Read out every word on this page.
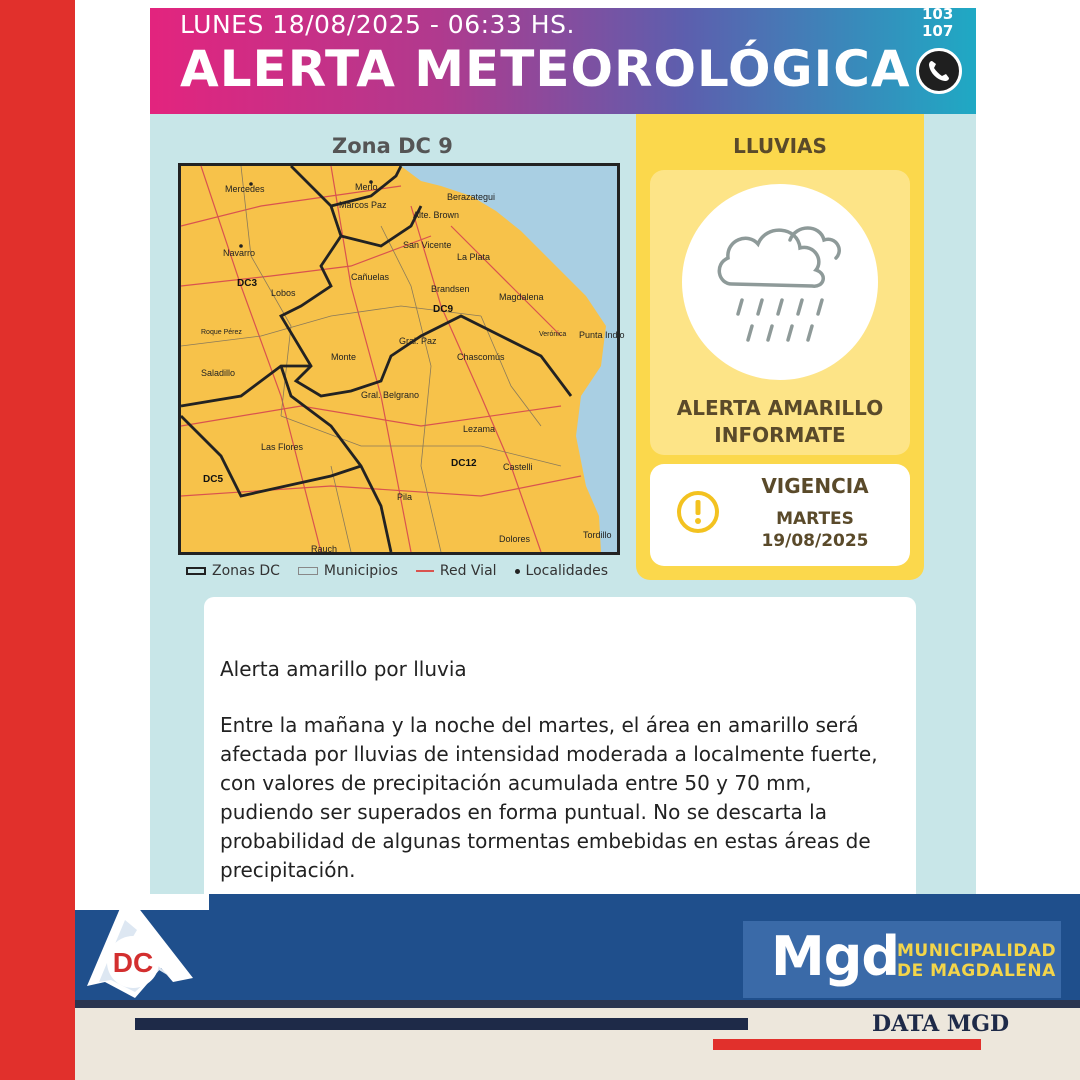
LUNES 18/08/2025 - 06:33 HS.
ALERTA METEOROLÓGICA
103
107
Zona DC 9
Mercedes	Merlo
Marcos Paz
Alte. Brown
Berazategui
Navarro
San Vicente
La Plata
Cañuelas
Brandsen
Lobos	Magdalena
Roque Pérez
Gral. Paz
Punta Indio
Verónica
Monte
Saladillo
Chascomús
Gral. Belgrano
Lezama
Las Flores
Castelli
Pila
Dolores	Tordillo
Rauch
DC3
DC9
DC5
DC12
Zonas DC	Municipios	Red Vial Localidades
LLUVIAS
ALERTA AMARILLO
INFORMATE
VIGENCIA
MARTES
19/08/2025
Alerta amarillo por lluvia
Entre la mañana y la noche del martes, el área en amarillo será afectada por lluvias de intensidad moderada a localmente fuerte, con valores de precipitación acumulada entre 50 y 70 mm, pudiendo ser superados en forma puntual. No se descarta la probabilidad de algunas tormentas embebidas en estas áreas de precipitación.
DC	Mgd
MUNICIPALIDAD
DE MAGDALENA
DATA MGD
